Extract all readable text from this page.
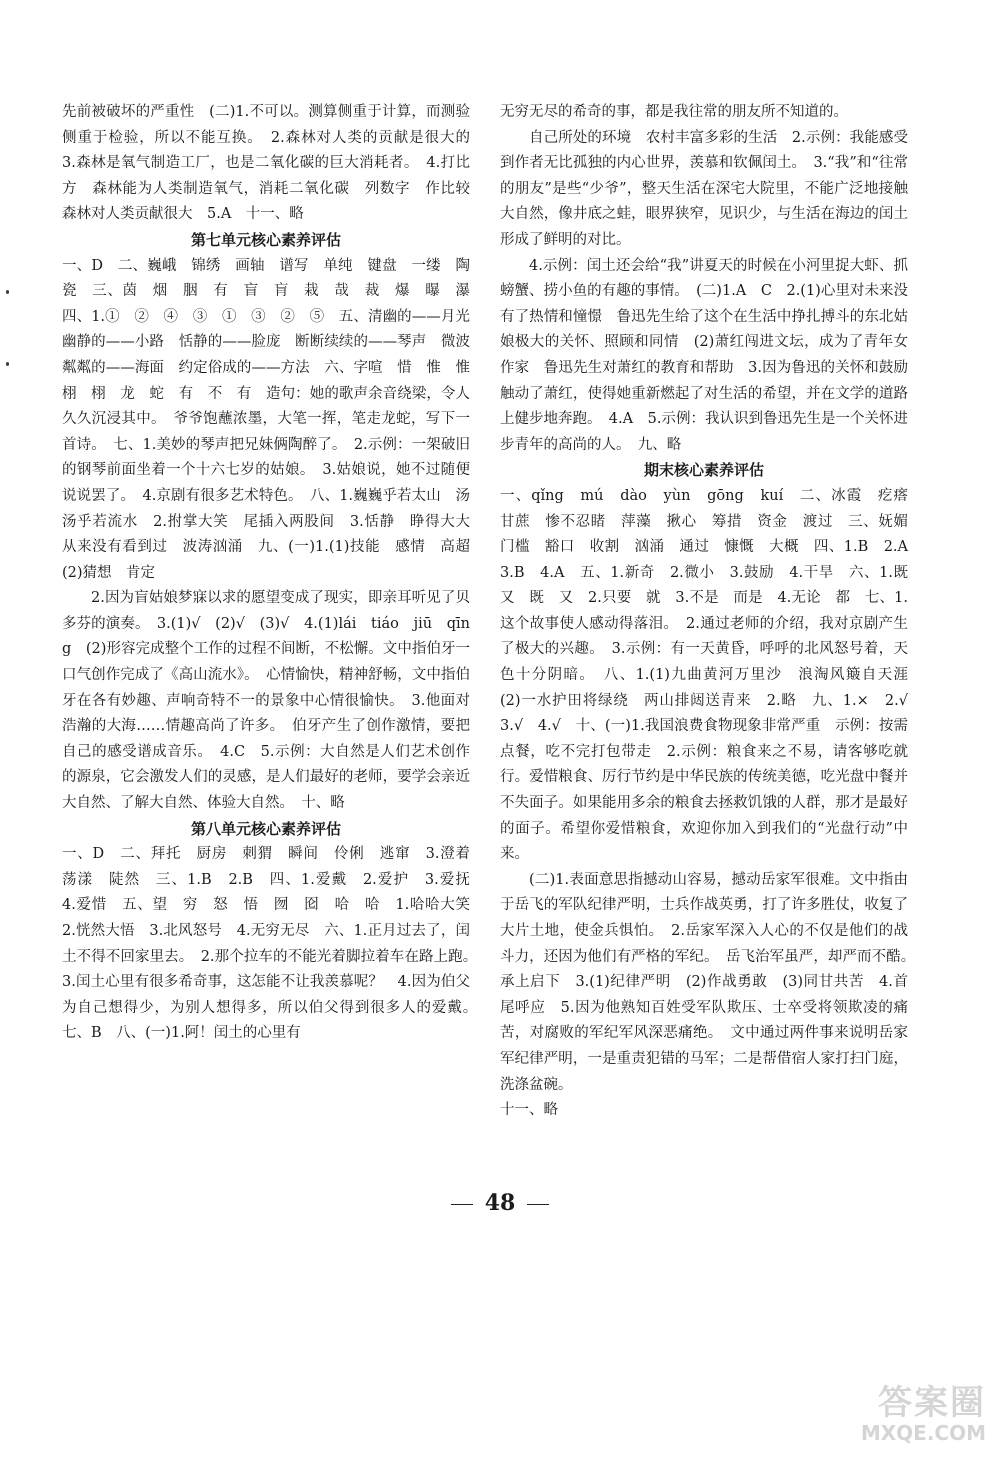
先前被破坏的严重性　(二)1.不可以。测算侧重于计算，而测验侧重于检验，所以不能互换。　2.森林对人类的贡献是很大的　3.森林是氧气制造工厂，也是二氧化碳的巨大消耗者。　4.打比方　森林能为人类制造氧气，消耗二氧化碳　列数字　作比较　森林对人类贡献很大　5.A　十一、略

第七单元核心素养评估

一、D　二、巍峨　锦绣　画轴　谱写　单纯　键盘　一缕　陶瓷　三、茵　烟　胭　有　盲　肓　栽　哉　裁　爆　曝　瀑　四、1.①　②　④　③　①　③　②　⑤　五、清幽的——月光　幽静的——小路　恬静的——脸庞　断断续续的——琴声　微波粼粼的——海面　约定俗成的——方法　六、字喧　惜　惟　惟　栩　栩　龙　蛇　有　不　有　造句：她的歌声余音绕梁，令人久久沉浸其中。　爷爷饱蘸浓墨，大笔一挥，笔走龙蛇，写下一首诗。　七、1.美妙的琴声把兄妹俩陶醉了。　2.示例：一架破旧的钢琴前面坐着一个十六七岁的姑娘。　3.姑娘说，她不过随便说说罢了。　4.京剧有很多艺术特色。　八、1.巍巍乎若太山　汤汤乎若流水　2.拊掌大笑　尾插入两股间　3.恬静　睁得大大　从来没有看到过　波涛汹涌　九、(一)1.(1)技能　感情　高超　(2)猜想　肯定

2.因为盲姑娘梦寐以求的愿望变成了现实，即亲耳听见了贝多芬的演奏。　3.(1)√　(2)√　(3)√　4.(1)lái　tiáo　jiū　qīng　(2)形容完成整个工作的过程不间断，不松懈。文中指伯牙一口气创作完成了《高山流水》。　心情愉快，精神舒畅，文中指伯牙在各有妙趣、声响奇特不一的景象中心情很愉快。　3.他面对浩瀚的大海……情趣高尚了许多。　伯牙产生了创作激情，要把自己的感受谱成音乐。　4.C　5.示例：大自然是人们艺术创作的源泉，它会激发人们的灵感，是人们最好的老师，要学会亲近大自然、了解大自然、体验大自然。　十、略

第八单元核心素养评估

一、D　二、拜托　厨房　刺猬　瞬间　伶俐　逃窜　3.澄着　荡漾　陡然　三、1.B　2.B　四、1.爱戴　2.爱护　3.爱抚　4.爱惜　五、望　穷　怒　悟　囫　囵　哈　哈　1.哈哈大笑　2.恍然大悟　3.北风怒号　4.无穷无尽　六、1.正月过去了，闰土不得不回家里去。　2.那个拉车的不能光着脚拉着车在路上跑。　3.闰土心里有很多希奇事，这怎能不让我羡慕呢？　4.因为伯父为自己想得少，为别人想得多，所以伯父得到很多人的爱戴。　七、B　八、(一)1.阿！闰土的心里有

无穷无尽的希奇的事，都是我往常的朋友所不知道的。

自己所处的环境　农村丰富多彩的生活　2.示例：我能感受到作者无比孤独的内心世界，羡慕和钦佩闰土。　3.“我”和“往常的朋友”是些“少爷”，整天生活在深宅大院里，不能广泛地接触大自然，像井底之蛙，眼界狭窄，见识少，与生活在海边的闰土形成了鲜明的对比。

4.示例：闰土还会给“我”讲夏天的时候在小河里捉大虾、抓螃蟹、捞小鱼的有趣的事情。　(二)1.A　C　2.(1)心里对未来没有了热情和憧憬　鲁迅先生给了这个在生活中挣扎搏斗的东北姑娘极大的关怀、照顾和同情　(2)萧红闯进文坛，成为了青年女作家　鲁迅先生对萧红的教育和帮助　3.因为鲁迅的关怀和鼓励触动了萧红，使得她重新燃起了对生活的希望，并在文学的道路上健步地奔跑。　4.A　5.示例：我认识到鲁迅先生是一个关怀进步青年的高尚的人。　九、略

期末核心素养评估

一、qǐng　mú　dào　yùn　gōng　kuí　二、冰霞　疙瘩　甘蔗　惨不忍睹　萍藻　揪心　筹措　资金　渡过　三、妩媚　门槛　豁口　收割　汹涌　通过　慷慨　大概　四、1.B　2.A　3.B　4.A　五、1.新奇　2.微小　3.鼓励　4.干旱　六、1.既　又　既　又　2.只要　就　3.不是　而是　4.无论　都　七、1.这个故事使人感动得落泪。　2.通过老师的介绍，我对京剧产生了极大的兴趣。　3.示例：有一天黄昏，呼呼的北风怒号着，天色十分阴暗。　八、1.(1)九曲黄河万里沙　浪淘风簸自天涯　(2)一水护田将绿绕　两山排闼送青来　2.略　九、1.×　2.√　3.√　4.√　十、(一)1.我国浪费食物现象非常严重　示例：按需点餐，吃不完打包带走　2.示例：粮食来之不易，请客够吃就行。爱惜粮食、厉行节约是中华民族的传统美德，吃光盘中餐并不失面子。如果能用多余的粮食去拯救饥饿的人群，那才是最好的面子。希望你爱惜粮食，欢迎你加入到我们的“光盘行动”中来。

(二)1.表面意思指撼动山容易，撼动岳家军很难。文中指由于岳飞的军队纪律严明，士兵作战英勇，打了许多胜仗，收复了大片土地，使金兵惧怕。　2.岳家军深入人心的不仅是他们的战斗力，还因为他们有严格的军纪。　岳飞治军虽严，却严而不酷。　承上启下　3.(1)纪律严明　(2)作战勇敢　(3)同甘共苦　4.首尾呼应　5.因为他熟知百姓受军队欺压、士卒受将领欺凌的痛苦，对腐败的军纪军风深恶痛绝。　文中通过两件事来说明岳家军纪律严明，一是重责犯错的马军；二是帮借宿人家打扫门庭，洗涤盆碗。

十一、略

48
答案圈
MXQE.COM
